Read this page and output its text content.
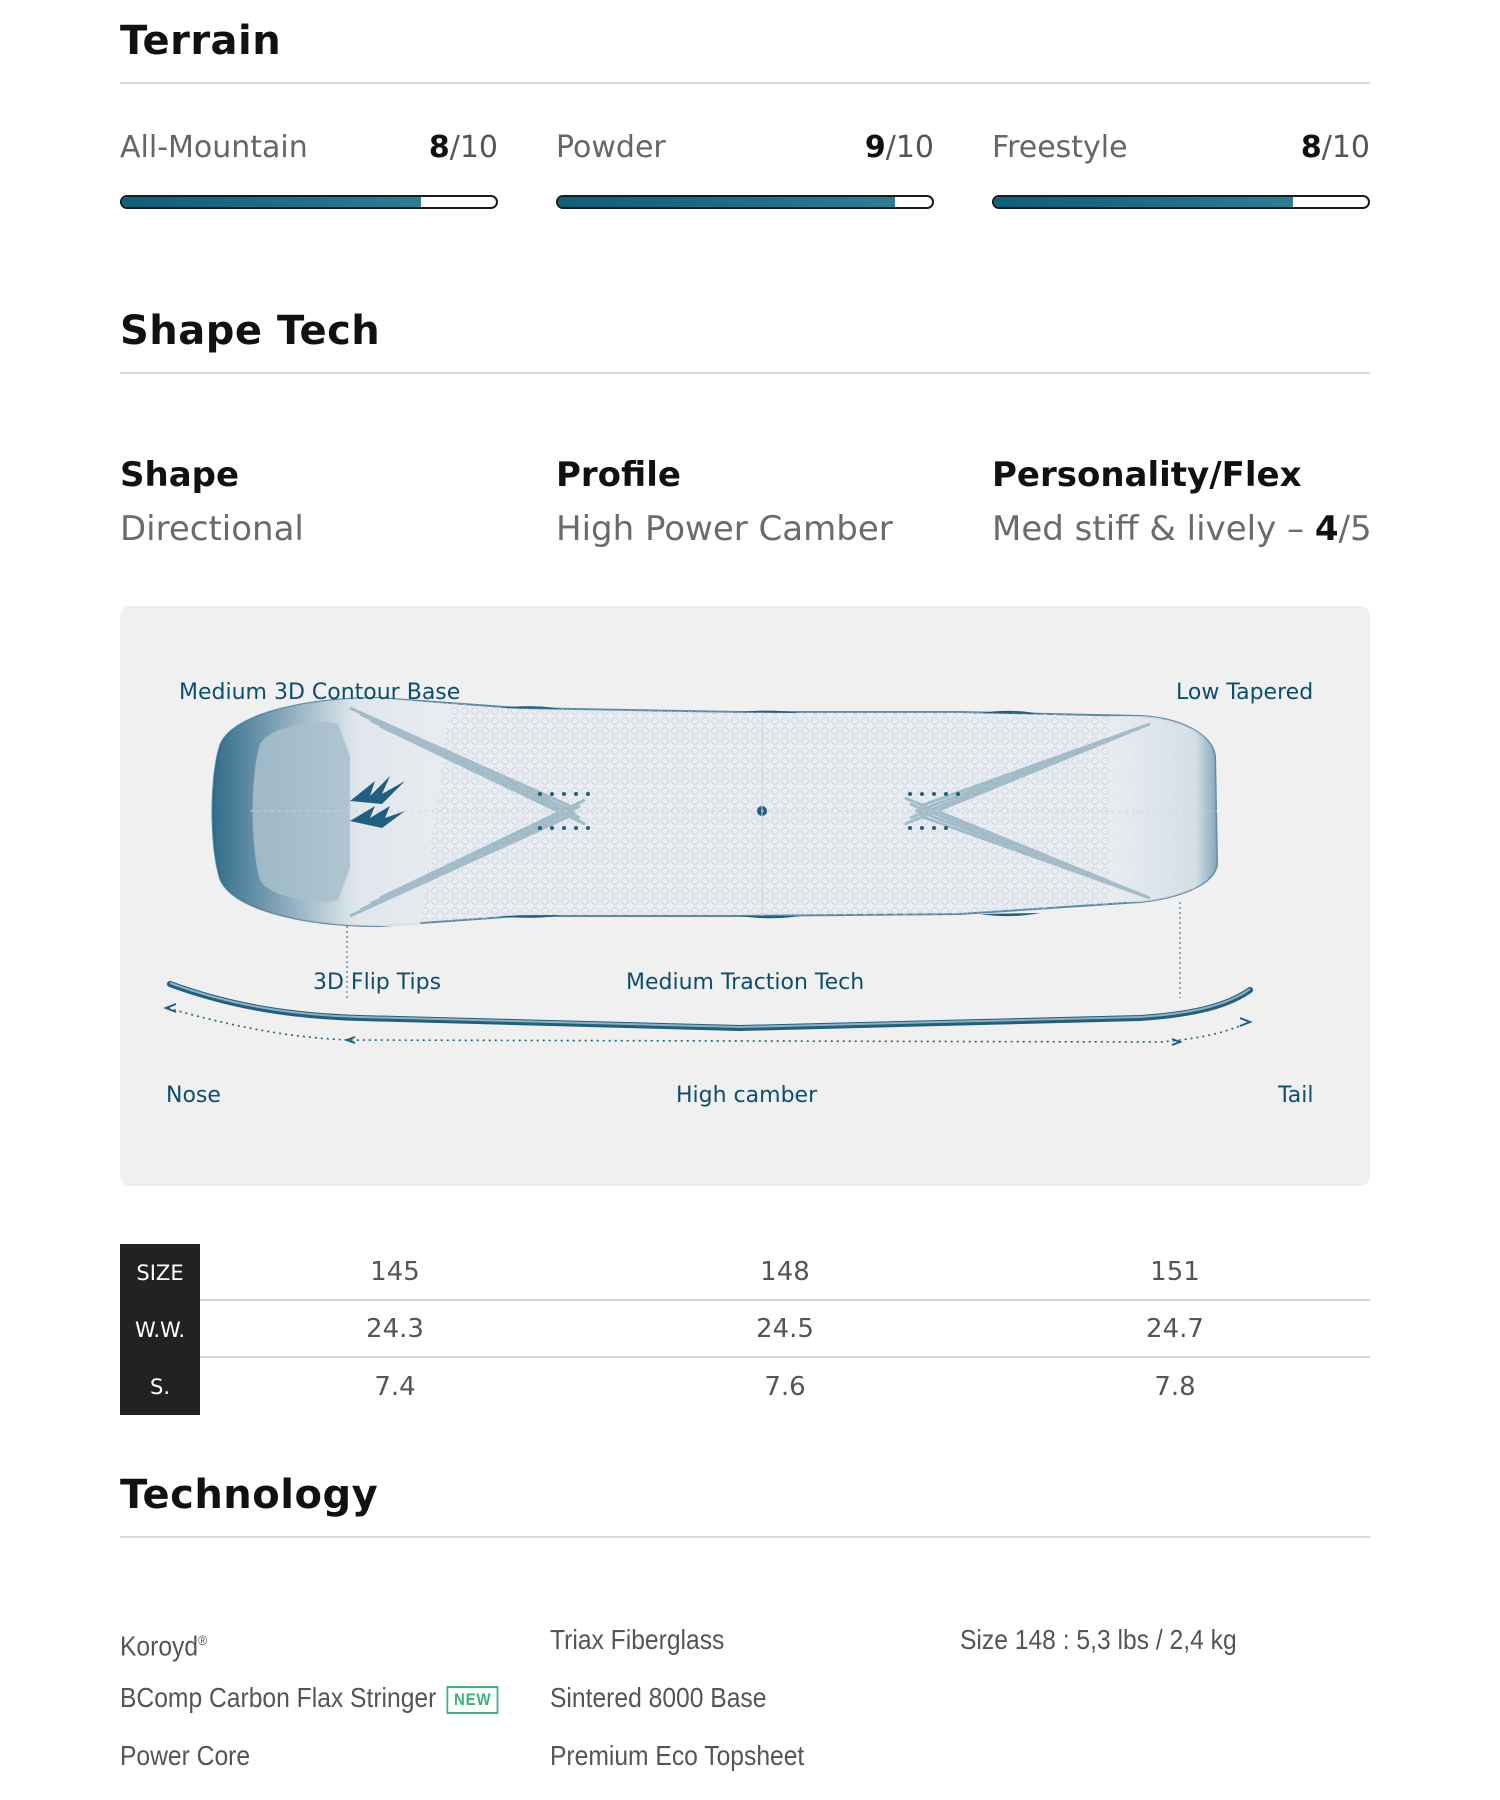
Terrain
All-Mountain	8/10 Powder	9/10 Freestyle	8/10
Shape Tech
Shape
Directional
Profile
High Power Camber
Personality/Flex
Med stiff & lively – 4/5
Medium 3D Contour Base	Low Tapered
3D Flip Tips	Medium Traction Tech
Nose	High camber	Tail
SIZE	145	148	151
W.W.	24.3	24.5	24.7
S.	7.4	7.6	7.8
Technology
Koroyd®
BComp Carbon Flax Stringer NEW
Power Core
Triax Fiberglass
Sintered 8000 Base
Premium Eco Topsheet
Size 148 : 5,3 lbs / 2,4 kg
